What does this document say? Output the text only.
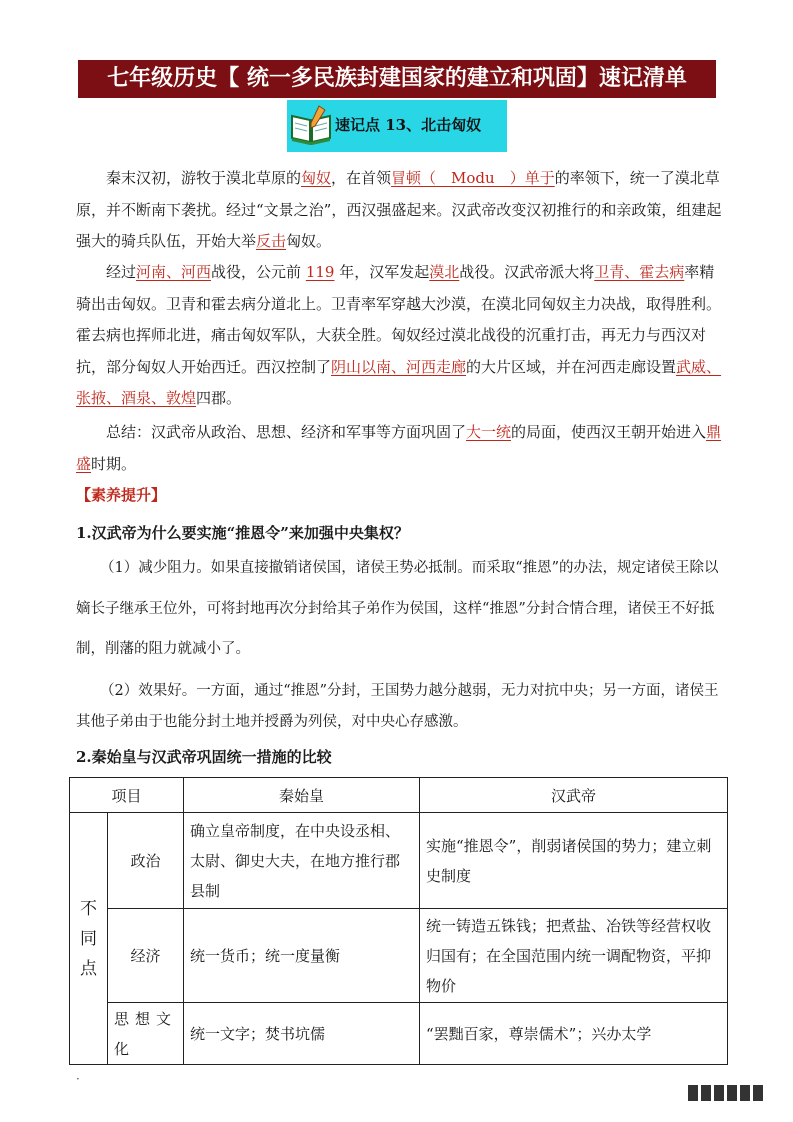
七年级历史【 统一多民族封建国家的建立和巩固】速记清单
速记点 13、北击匈奴

秦末汉初，游牧于漠北草原的匈奴，在首领冒顿（　Modu　）单于的率领下，统一了漠北草原，并不断南下袭扰。经过“文景之治”，西汉强盛起来。汉武帝改变汉初推行的和亲政策，组建起强大的骑兵队伍，开始大举反击匈奴。

经过河南、河西战役，公元前 119 年，汉军发起漠北战役。汉武帝派大将卫青、霍去病率精骑出击匈奴。卫青和霍去病分道北上。卫青率军穿越大沙漠，在漠北同匈奴主力决战，取得胜利。霍去病也挥师北进，痛击匈奴军队，大获全胜。匈奴经过漠北战役的沉重打击，再无力与西汉对抗，部分匈奴人开始西迁。西汉控制了阴山以南、河西走廊的大片区域，并在河西走廊设置武威、张掖、酒泉、敦煌四郡。

总结：汉武帝从政治、思想、经济和军事等方面巩固了大一统的局面，使西汉王朝开始进入鼎盛时期。

【素养提升】

1.汉武帝为什么要实施“推恩令”来加强中央集权？

（1）减少阻力。如果直接撤销诸侯国，诸侯王势必抵制。而采取“推恩”的办法，规定诸侯王除以嫡长子继承王位外，可将封地再次分封给其子弟作为侯国，这样“推恩”分封合情合理，诸侯王不好抵制，削藩的阻力就减小了。

（2）效果好。一方面，通过“推恩”分封，王国势力越分越弱，无力对抗中央；另一方面，诸侯王其他子弟由于也能分封土地并授爵为列侯，对中央心存感激。

2.秦始皇与汉武帝巩固统一措施的比较

项目		秦始皇	汉武帝
不同点	政治	确立皇帝制度，在中央设丞相、太尉、御史大夫，在地方推行郡县制	实施“推恩令”，削弱诸侯国的势力；建立刺史制度
	经济	统一货币；统一度量衡	统一铸造五铢钱；把煮盐、冶铁等经营权收归国有；在全国范围内统一调配物资，平抑物价
	思想文化	统一文字；焚书坑儒	“罢黜百家，尊崇儒术”；兴办太学
·
